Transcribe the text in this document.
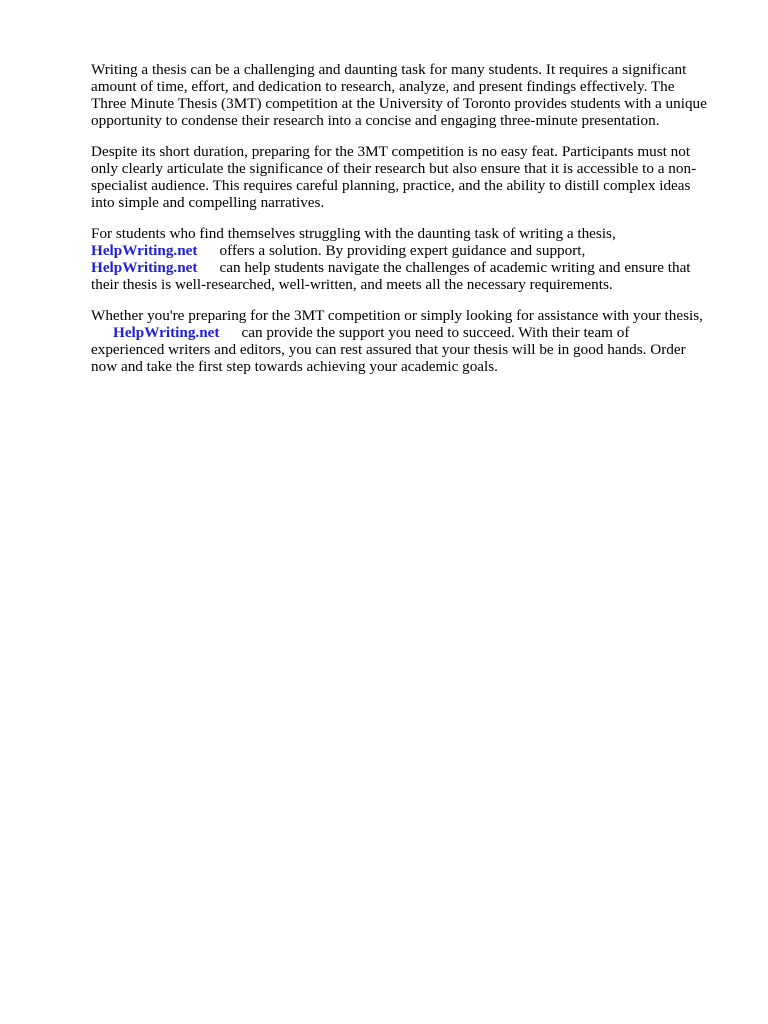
Writing a thesis can be a challenging and daunting task for many students. It requires a significant
amount of time, effort, and dedication to research, analyze, and present findings effectively. The
Three Minute Thesis (3MT) competition at the University of Toronto provides students with a unique
opportunity to condense their research into a concise and engaging three-minute presentation.
Despite its short duration, preparing for the 3MT competition is no easy feat. Participants must not
only clearly articulate the significance of their research but also ensure that it is accessible to a non-
specialist audience. This requires careful planning, practice, and the ability to distill complex ideas
into simple and compelling narratives.
For students who find themselves struggling with the daunting task of writing a thesis,
HelpWriting.net offers a solution. By providing expert guidance and support,
HelpWriting.net can help students navigate the challenges of academic writing and ensure that
their thesis is well-researched, well-written, and meets all the necessary requirements.
Whether you're preparing for the 3MT competition or simply looking for assistance with your thesis,
HelpWriting.net can provide the support you need to succeed. With their team of
experienced writers and editors, you can rest assured that your thesis will be in good hands. Order
now and take the first step towards achieving your academic goals.
